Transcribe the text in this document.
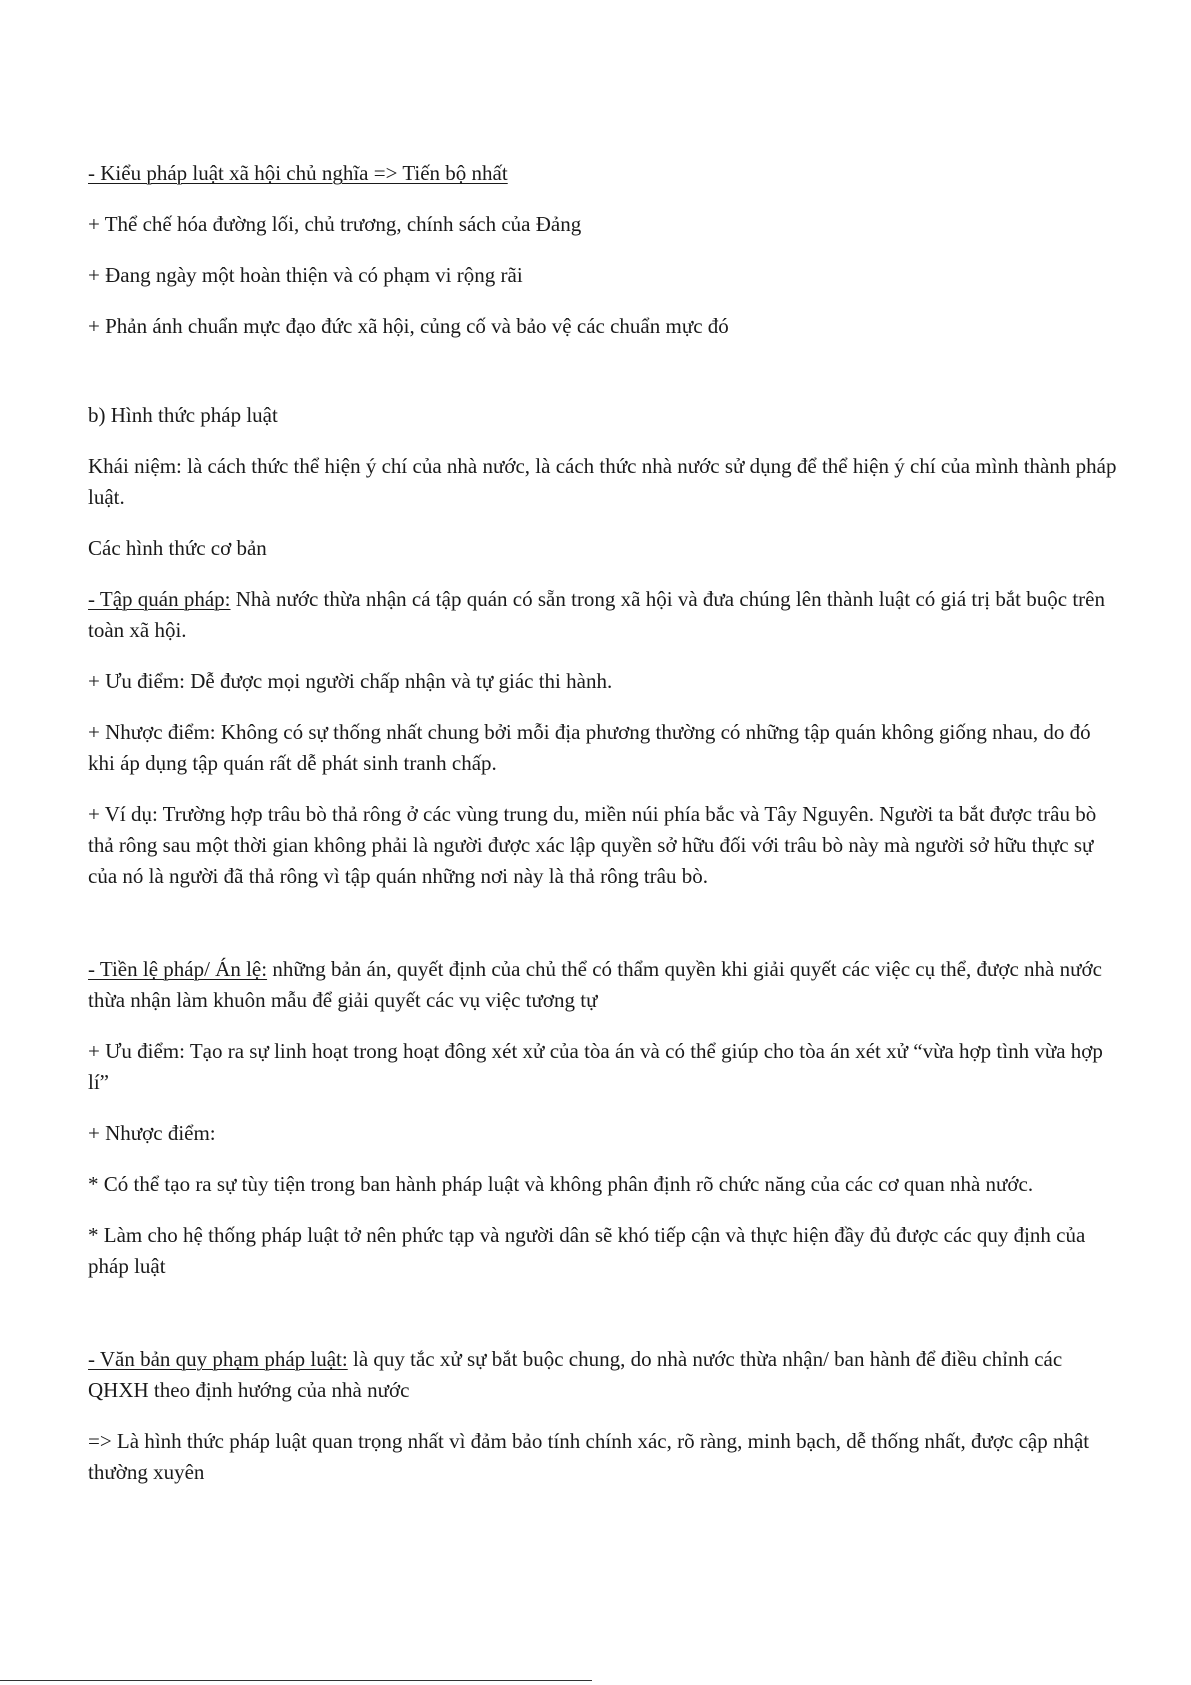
- Kiểu pháp luật xã hội chủ nghĩa => Tiến bộ nhất

+ Thể chế hóa đường lối, chủ trương, chính sách của Đảng

+ Đang ngày một hoàn thiện và có phạm vi rộng rãi

+ Phản ánh chuẩn mực đạo đức xã hội, củng cố và bảo vệ các chuẩn mực đó

b) Hình thức pháp luật

Khái niệm: là cách thức thể hiện ý chí của nhà nước, là cách thức nhà nước sử dụng để thể hiện ý chí của mình thành pháp luật.

Các hình thức cơ bản

- Tập quán pháp: Nhà nước thừa nhận cá tập quán có sẵn trong xã hội và đưa chúng lên thành luật có giá trị bắt buộc trên toàn xã hội.

+ Ưu điểm: Dễ được mọi người chấp nhận và tự giác thi hành.

+ Nhược điểm: Không có sự thống nhất chung bởi mỗi địa phương thường có những tập quán không giống nhau, do đó khi áp dụng tập quán rất dễ phát sinh tranh chấp.

+ Ví dụ: Trường hợp trâu bò thả rông ở các vùng trung du, miền núi phía bắc và Tây Nguyên. Người ta bắt được trâu bò thả rông sau một thời gian không phải là người được xác lập quyền sở hữu đối với trâu bò này mà người sở hữu thực sự của nó là người đã thả rông vì tập quán những nơi này là thả rông trâu bò.

- Tiền lệ pháp/ Án lệ: những bản án, quyết định của chủ thể có thẩm quyền khi giải quyết các việc cụ thể, được nhà nước thừa nhận làm khuôn mẫu để giải quyết các vụ việc tương tự

+ Ưu điểm: Tạo ra sự linh hoạt trong hoạt đông xét xử của tòa án và có thể giúp cho tòa án xét xử “vừa hợp tình vừa hợp lí”

+ Nhược điểm:

* Có thể tạo ra sự tùy tiện trong ban hành pháp luật và không phân định rõ chức năng của các cơ quan nhà nước.

* Làm cho hệ thống pháp luật tở nên phức tạp và người dân sẽ khó tiếp cận và thực hiện đầy đủ được các quy định của pháp luật

- Văn bản quy phạm pháp luật: là quy tắc xử sự bắt buộc chung, do nhà nước thừa nhận/ ban hành để điều chỉnh các QHXH theo định hướng của nhà nước

=> Là hình thức pháp luật quan trọng nhất vì đảm bảo tính chính xác, rõ ràng, minh bạch, dễ thống nhất, được cập nhật thường xuyên
